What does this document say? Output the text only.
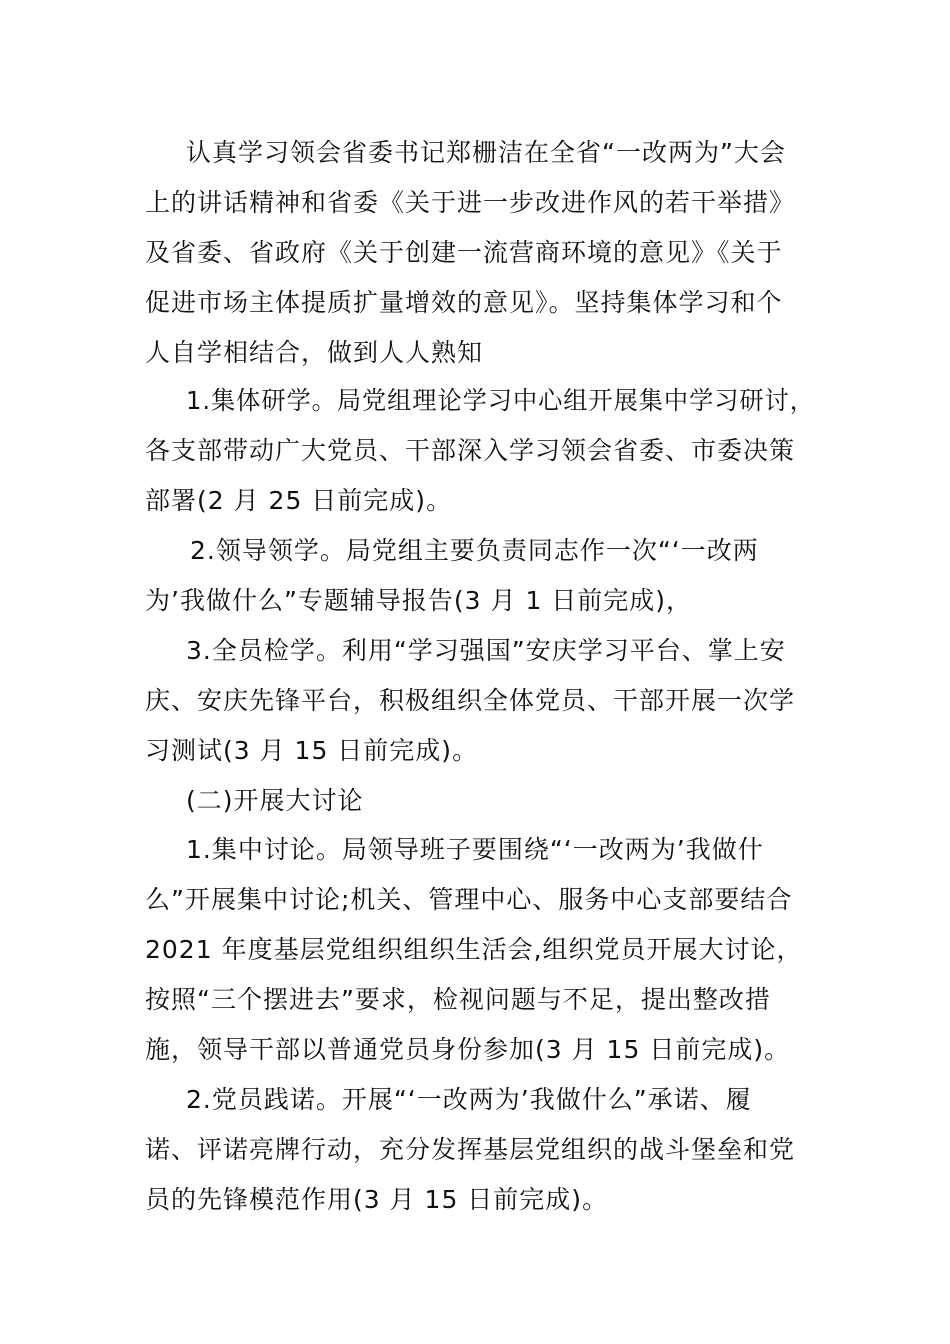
认真学习领会省委书记郑栅洁在全省“一改两为”大会
上的讲话精神和省委《关于进一步改进作风的若干举措》
及省委、省政府《关于创建一流营商环境的意见》《关于
促进市场主体提质扩量增效的意见》。坚持集体学习和个
人自学相结合，做到人人熟知
1.集体研学。局党组理论学习中心组开展集中学习研讨，
各支部带动广大党员、干部深入学习领会省委、市委决策
部署(2 月 25 日前完成)。
2.领导领学。局党组主要负责同志作一次“‘一改两
为’我做什么”专题辅导报告(3 月 1 日前完成)，
3.全员检学。利用“学习强国”安庆学习平台、掌上安
庆、安庆先锋平台，积极组织全体党员、干部开展一次学
习测试(3 月 15 日前完成)。
(二)开展大讨论
1.集中讨论。局领导班子要围绕“‘一改两为’我做什
么”开展集中讨论;机关、管理中心、服务中心支部要结合
2021 年度基层党组织组织生活会,组织党员开展大讨论，
按照“三个摆进去”要求，检视问题与不足，提出整改措
施，领导干部以普通党员身份参加(3 月 15 日前完成)。
2.党员践诺。开展“‘一改两为’我做什么”承诺、履
诺、评诺亮牌行动，充分发挥基层党组织的战斗堡垒和党
员的先锋模范作用(3 月 15 日前完成)。
